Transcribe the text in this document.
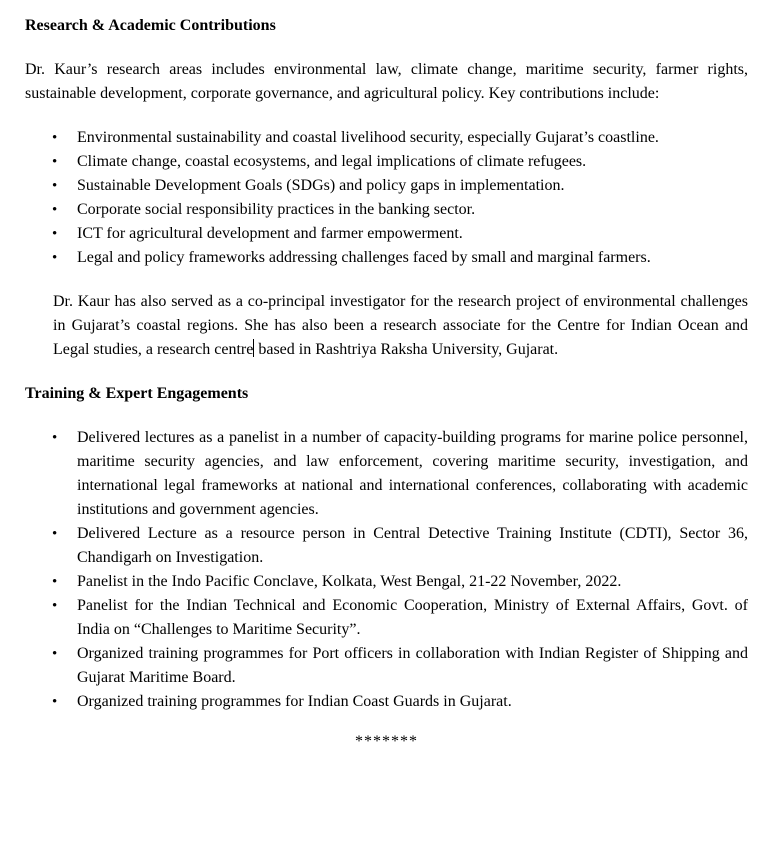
Research & Academic Contributions

Dr. Kaur’s research areas includes environmental law, climate change, maritime security, farmer rights, sustainable development, corporate governance, and agricultural policy. Key contributions include:

• Environmental sustainability and coastal livelihood security, especially Gujarat’s coastline.
• Climate change, coastal ecosystems, and legal implications of climate refugees.
• Sustainable Development Goals (SDGs) and policy gaps in implementation.
• Corporate social responsibility practices in the banking sector.
• ICT for agricultural development and farmer empowerment.
• Legal and policy frameworks addressing challenges faced by small and marginal farmers.

Dr. Kaur has also served as a co-principal investigator for the research project of environmental challenges in Gujarat’s coastal regions. She has also been a research associate for the Centre for Indian Ocean and Legal studies, a research centre based in Rashtriya Raksha University, Gujarat.

Training & Expert Engagements
• Delivered lectures as a panelist in a number of capacity-building programs for marine police personnel, maritime security agencies, and law enforcement, covering maritime security, investigation, and international legal frameworks at national and international conferences, collaborating with academic institutions and government agencies.
• Delivered Lecture as a resource person in Central Detective Training Institute (CDTI), Sector 36, Chandigarh on Investigation.
• Panelist in the Indo Pacific Conclave, Kolkata, West Bengal, 21-22 November, 2022.
• Panelist for the Indian Technical and Economic Cooperation, Ministry of External Affairs, Govt. of India on “Challenges to Maritime Security”.
• Organized training programmes for Port officers in collaboration with Indian Register of Shipping and Gujarat Maritime Board.
• Organized training programmes for Indian Coast Guards in Gujarat.
*******
